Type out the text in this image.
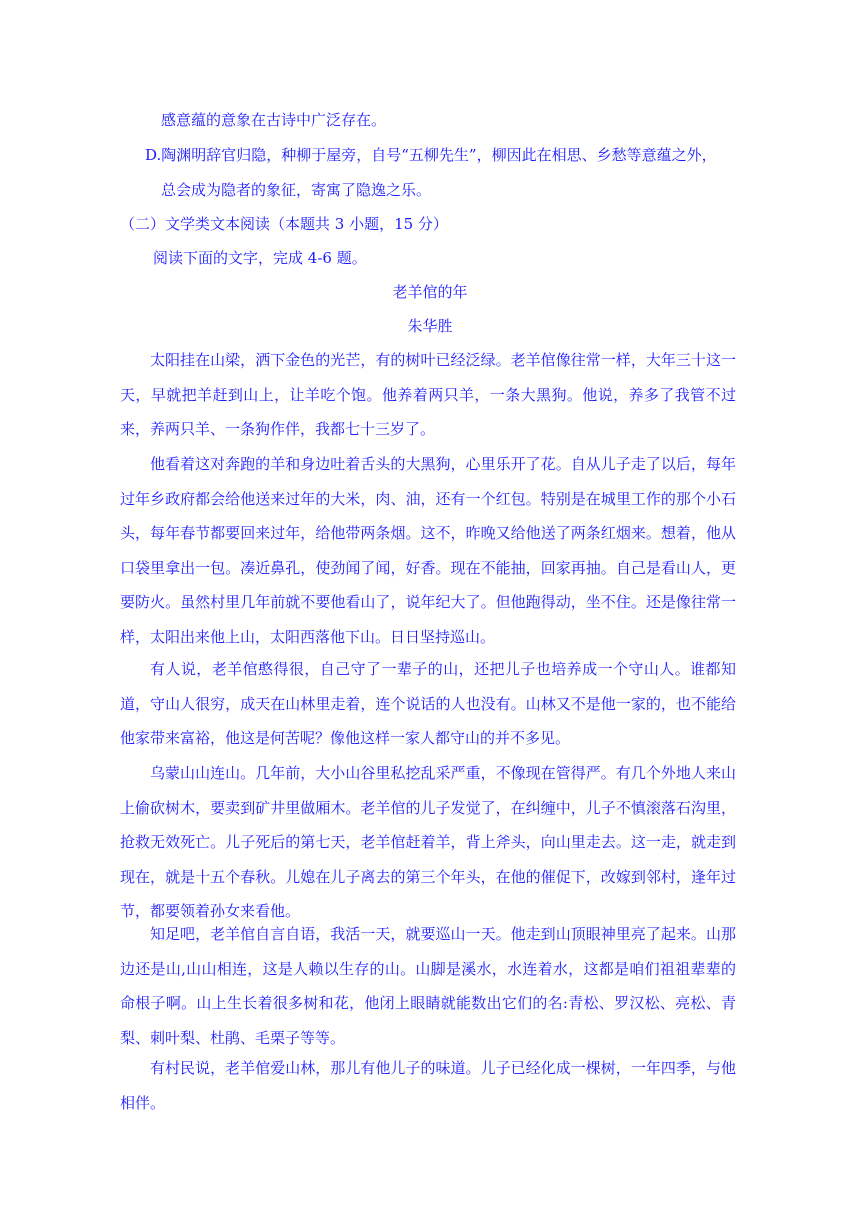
感意蕴的意象在古诗中广泛存在。
D.陶渊明辞官归隐，种柳于屋旁，自号“五柳先生”，柳因此在相思、乡愁等意蕴之外，
总会成为隐者的象征，寄寓了隐逸之乐。
（二）文学类文本阅读（本题共 3 小题，15 分）
阅读下面的文字，完成 4-6 题。
老羊倌的年
朱华胜
太阳挂在山梁，洒下金色的光芒，有的树叶已经泛绿。老羊倌像往常一样，大年三十这一天，早就把羊赶到山上，让羊吃个饱。他养着两只羊，一条大黑狗。他说，养多了我管不过来，养两只羊、一条狗作伴，我都七十三岁了。
他看着这对奔跑的羊和身边吐着舌头的大黑狗，心里乐开了花。自从儿子走了以后，每年过年乡政府都会给他送来过年的大米，肉、油，还有一个红包。特别是在城里工作的那个小石头，每年春节都要回来过年，给他带两条烟。这不，昨晚又给他送了两条红烟来。想着，他从口袋里拿出一包。凑近鼻孔，使劲闻了闻，好香。现在不能抽，回家再抽。自己是看山人，更要防火。虽然村里几年前就不要他看山了，说年纪大了。但他跑得动，坐不住。还是像往常一 样，太阳出来他上山，太阳西落他下山。日日坚持巡山。
有人说，老羊倌憨得很，自己守了一辈子的山，还把儿子也培养成一个守山人。谁都知道，守山人很穷，成天在山林里走着，连个说话的人也没有。山林又不是他一家的，也不能给他家带来富裕，他这是何苦呢？像他这样一家人都守山的并不多见。
乌蒙山山连山。几年前，大小山谷里私挖乱采严重，不像现在管得严。有几个外地人来山上偷砍树木，要卖到矿井里做厢木。老羊倌的儿子发觉了，在纠缠中，儿子不慎滚落石沟里，抢救无效死亡。儿子死后的第七天，老羊倌赶着羊，背上斧头，向山里走去。这一走，就走到现在，就是十五个春秋。儿媳在儿子离去的第三个年头，在他的催促下，改嫁到邻村，逢年过节，都要领着孙女来看他。
知足吧，老羊倌自言自语，我活一天，就要巡山一天。他走到山顶眼神里亮了起来。山那边还是山,山山相连，这是人赖以生存的山。山脚是溪水，水连着水，这都是咱们祖祖辈辈的命根子啊。山上生长着很多树和花，他闭上眼睛就能数出它们的名:青松、罗汉松、亮松、青梨、刺叶梨、杜鹃、毛栗子等等。
有村民说，老羊倌爱山林，那儿有他儿子的味道。儿子已经化成一棵树，一年四季，与他相伴。
